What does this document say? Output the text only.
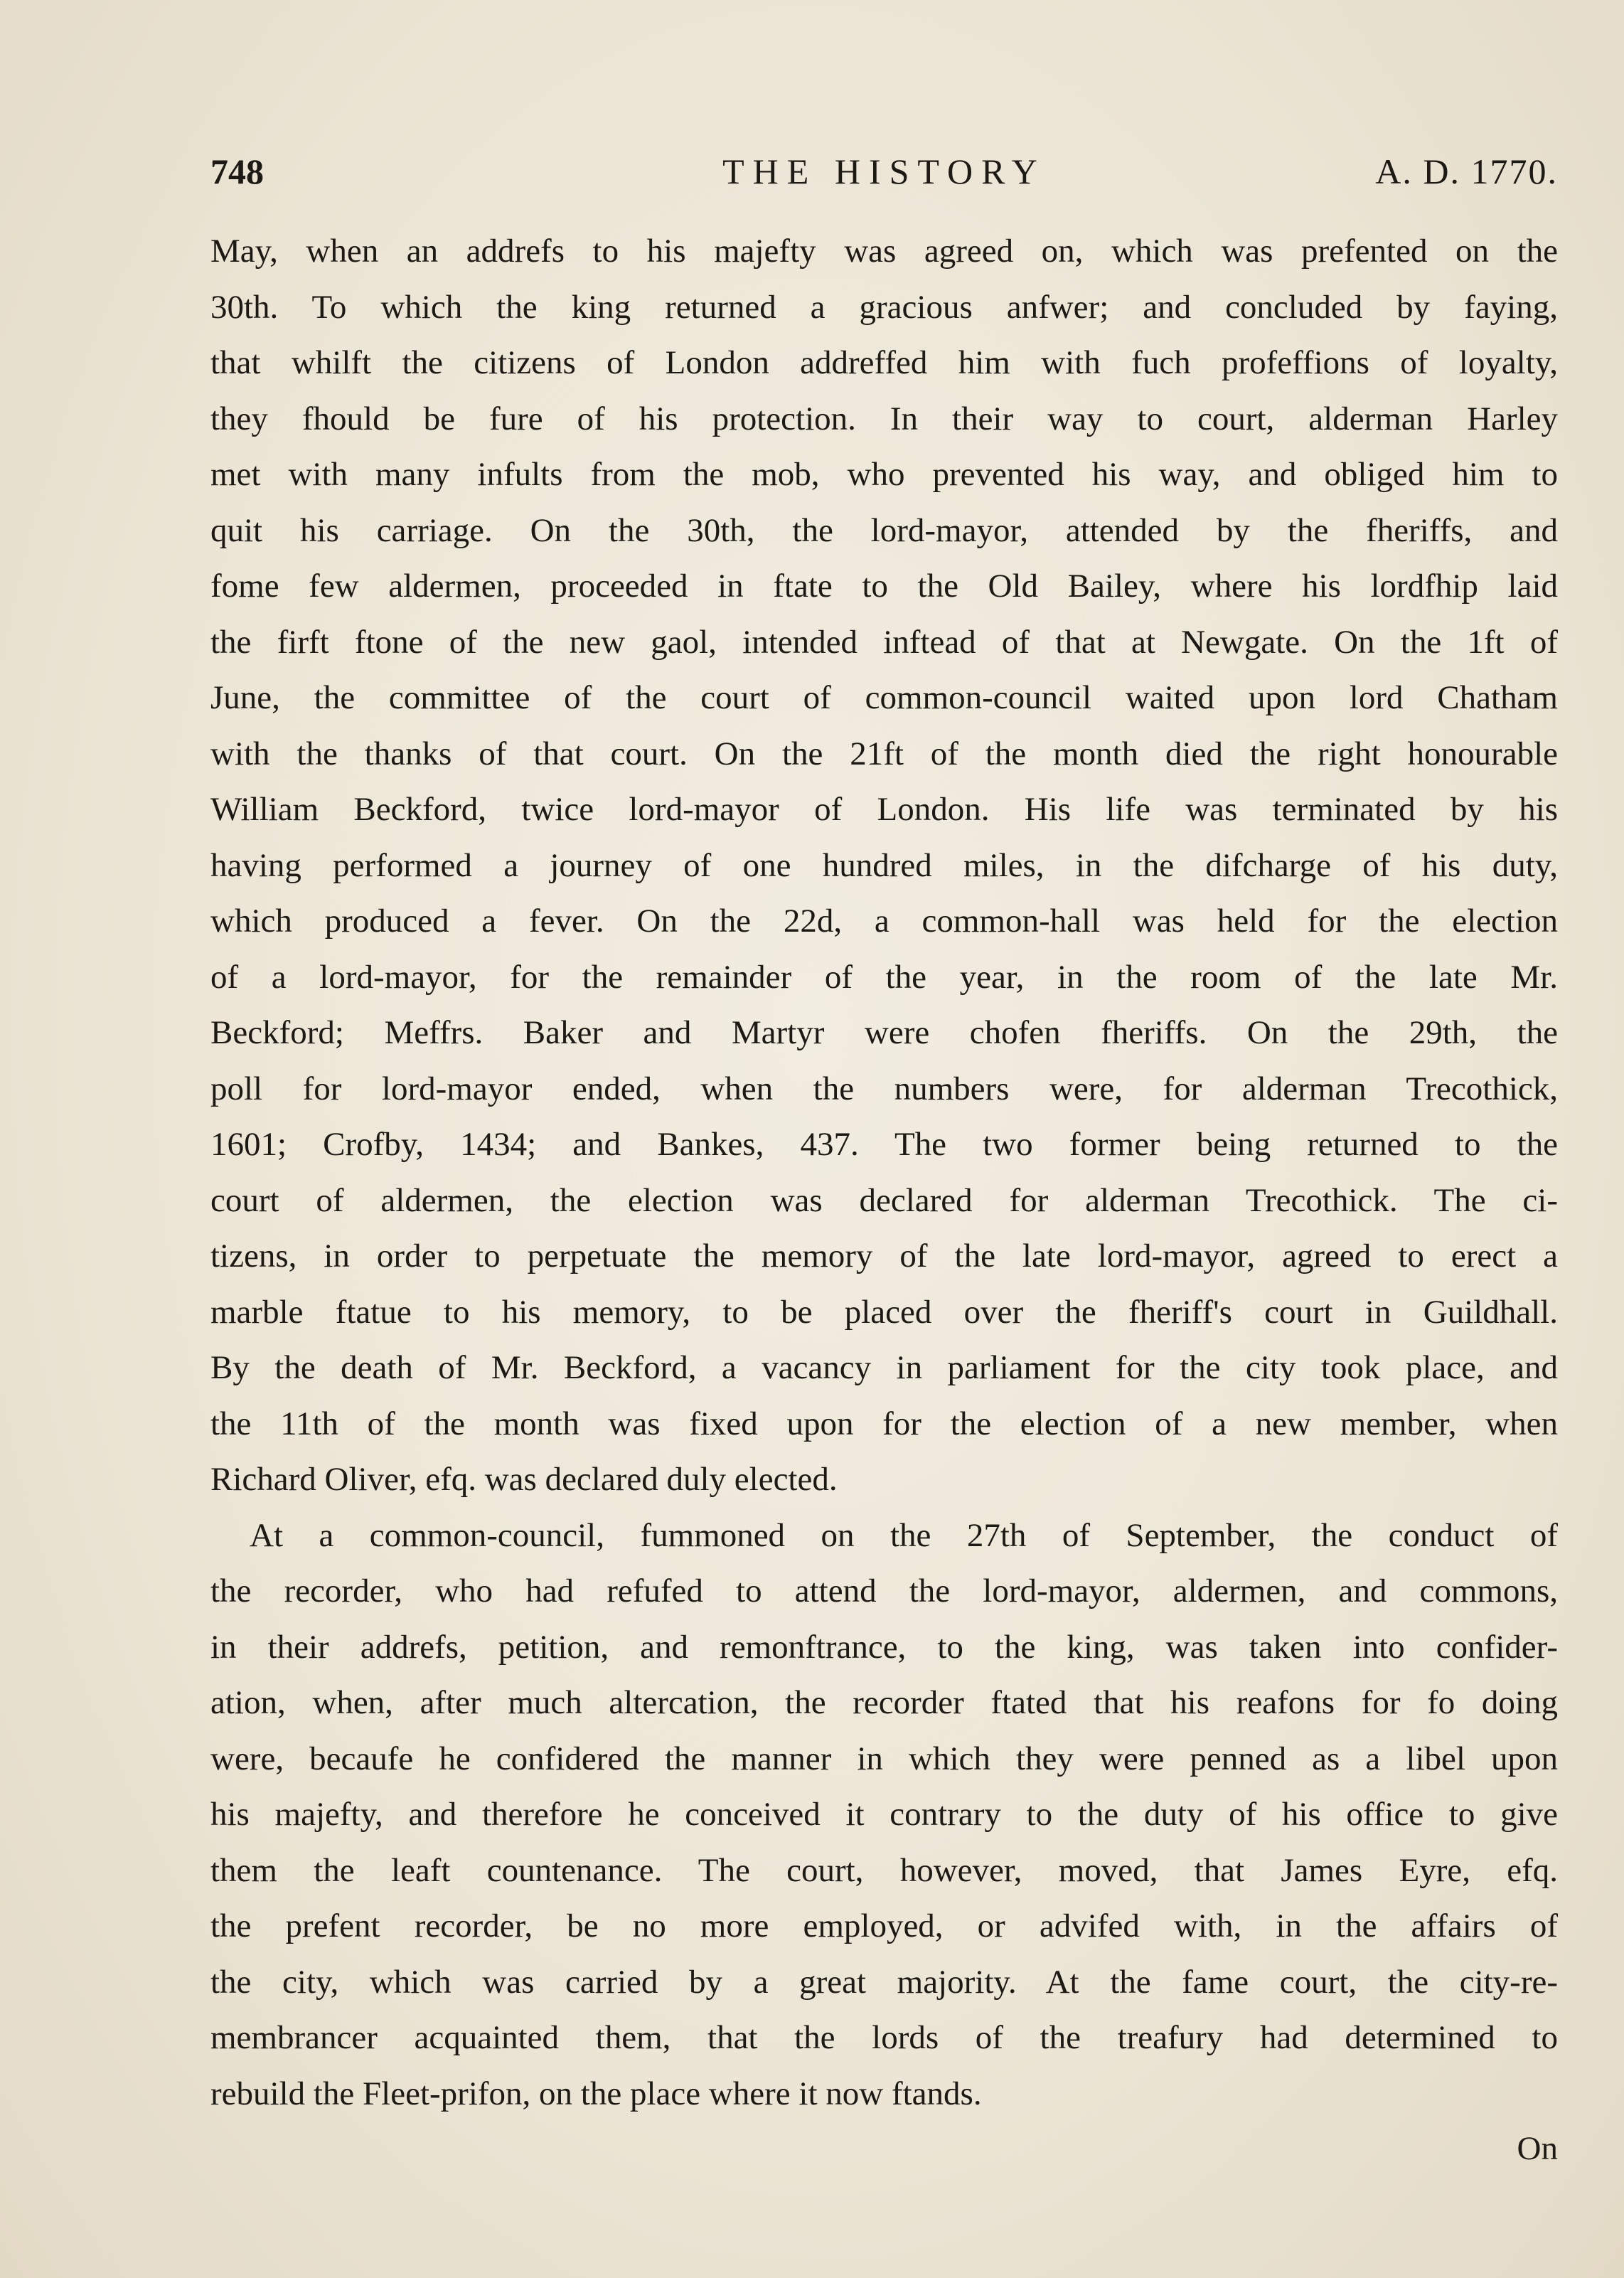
748	THE HISTORY	A. D. 1770.
May, when an addrefs to his majefty was agreed on, which was prefented on the
30th. To which the king returned a gracious anfwer; and concluded by faying,
that whilft the citizens of London addreffed him with fuch profeffions of loyalty,
they fhould be fure of his protection. In their way to court, alderman Harley
met with many infults from the mob, who prevented his way, and obliged him to
quit his carriage. On the 30th, the lord-mayor, attended by the fheriffs, and
fome few aldermen, proceeded in ftate to the Old Bailey, where his lordfhip laid
the firft ftone of the new gaol, intended inftead of that at Newgate. On the 1ft of
June, the committee of the court of common-council waited upon lord Chatham
with the thanks of that court. On the 21ft of the month died the right honourable
William Beckford, twice lord-mayor of London. His life was terminated by his
having performed a journey of one hundred miles, in the difcharge of his duty,
which produced a fever. On the 22d, a common-hall was held for the election
of a lord-mayor, for the remainder of the year, in the room of the late Mr.
Beckford; Meffrs. Baker and Martyr were chofen fheriffs. On the 29th, the
poll for lord-mayor ended, when the numbers were, for alderman Trecothick,
1601; Crofby, 1434; and Bankes, 437. The two former being returned to the
court of aldermen, the election was declared for alderman Trecothick. The ci-
tizens, in order to perpetuate the memory of the late lord-mayor, agreed to erect a
marble ftatue to his memory, to be placed over the fheriff's court in Guildhall.
By the death of Mr. Beckford, a vacancy in parliament for the city took place, and
the 11th of the month was fixed upon for the election of a new member, when
Richard Oliver, efq. was declared duly elected.
At a common-council, fummoned on the 27th of September, the conduct of
the recorder, who had refufed to attend the lord-mayor, aldermen, and commons,
in their addrefs, petition, and remonftrance, to the king, was taken into confider-
ation, when, after much altercation, the recorder ftated that his reafons for fo doing
were, becaufe he confidered the manner in which they were penned as a libel upon
his majefty, and therefore he conceived it contrary to the duty of his office to give
them the leaft countenance. The court, however, moved, that James Eyre, efq.
the prefent recorder, be no more employed, or advifed with, in the affairs of
the city, which was carried by a great majority. At the fame court, the city-re-
membrancer acquainted them, that the lords of the treafury had determined to
rebuild the Fleet-prifon, on the place where it now ftands.
On
